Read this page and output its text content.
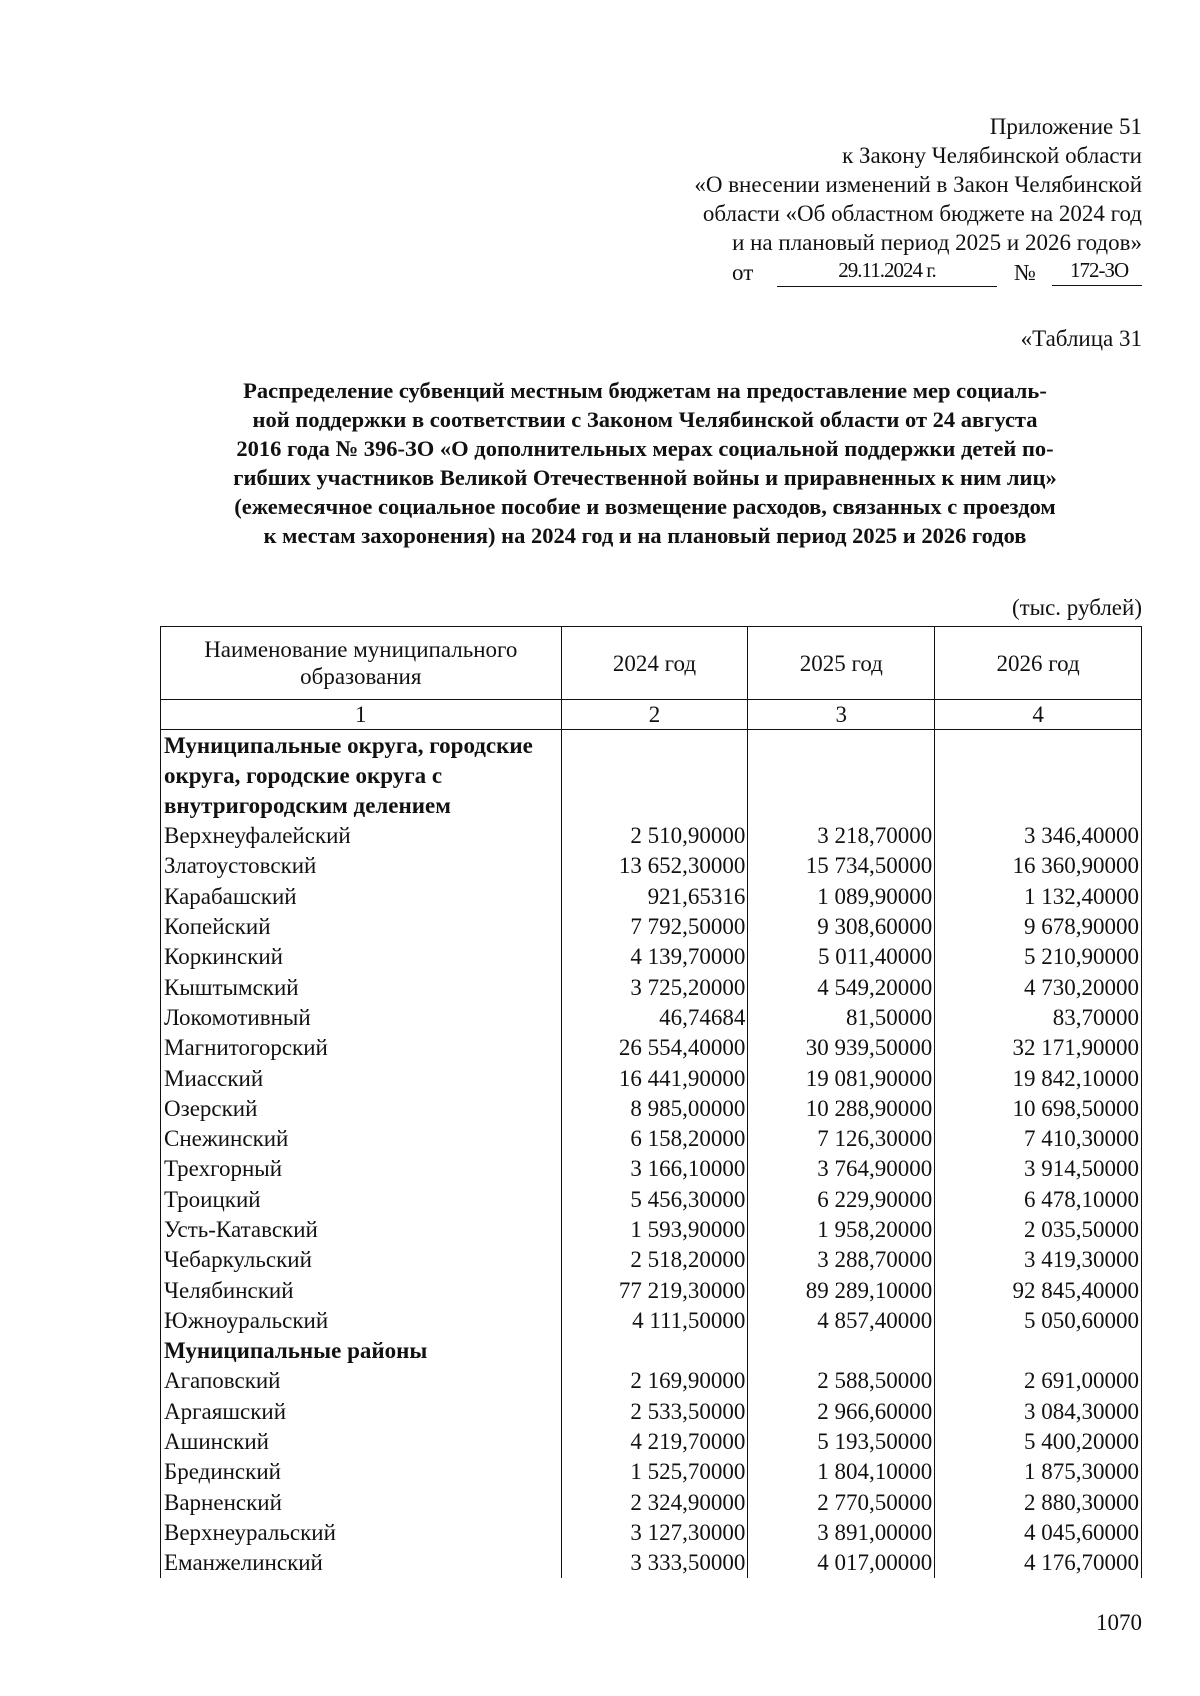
Приложение 51
к Закону Челябинской области
«О внесении изменений в Закон Челябинской
области «Об областном бюджете на 2024 год
и на плановый период 2025 и 2026 годов»
от	29.11.2024 г.	№	172-ЗО
«Таблица 31
Распределение субвенций местным бюджетам на предоставление мер социаль-
ной поддержки в соответствии с Законом Челябинской области от 24 августа
2016 года № 396-ЗО «О дополнительных мерах социальной поддержки детей по-
гибших участников Великой Отечественной войны и приравненных к ним лиц»
(ежемесячное социальное пособие и возмещение расходов, связанных с проездом
к местам захоронения) на 2024 год и на плановый период 2025 и 2026 годов
(тыс. рублей)
Наименование муниципального образования	2024 год	2025 год	2026 год
1	2	3	4
Муниципальные округа, городские округа, городские округа с внутригородским делением			
Верхнеуфалейский	2 510,90000	3 218,70000	3 346,40000
Златоустовский	13 652,30000	15 734,50000	16 360,90000
Карабашский	921,65316	1 089,90000	1 132,40000
Копейский	7 792,50000	9 308,60000	9 678,90000
Коркинский	4 139,70000	5 011,40000	5 210,90000
Кыштымский	3 725,20000	4 549,20000	4 730,20000
Локомотивный	46,74684	81,50000	83,70000
Магнитогорский	26 554,40000	30 939,50000	32 171,90000
Миасский	16 441,90000	19 081,90000	19 842,10000
Озерский	8 985,00000	10 288,90000	10 698,50000
Снежинский	6 158,20000	7 126,30000	7 410,30000
Трехгорный	3 166,10000	3 764,90000	3 914,50000
Троицкий	5 456,30000	6 229,90000	6 478,10000
Усть-Катавский	1 593,90000	1 958,20000	2 035,50000
Чебаркульский	2 518,20000	3 288,70000	3 419,30000
Челябинский	77 219,30000	89 289,10000	92 845,40000
Южноуральский	4 111,50000	4 857,40000	5 050,60000
Муниципальные районы			
Агаповский	2 169,90000	2 588,50000	2 691,00000
Аргаяшский	2 533,50000	2 966,60000	3 084,30000
Ашинский	4 219,70000	5 193,50000	5 400,20000
Брединский	1 525,70000	1 804,10000	1 875,30000
Варненский	2 324,90000	2 770,50000	2 880,30000
Верхнеуральский	3 127,30000	3 891,00000	4 045,60000
Еманжелинский	3 333,50000	4 017,00000	4 176,70000
1070
